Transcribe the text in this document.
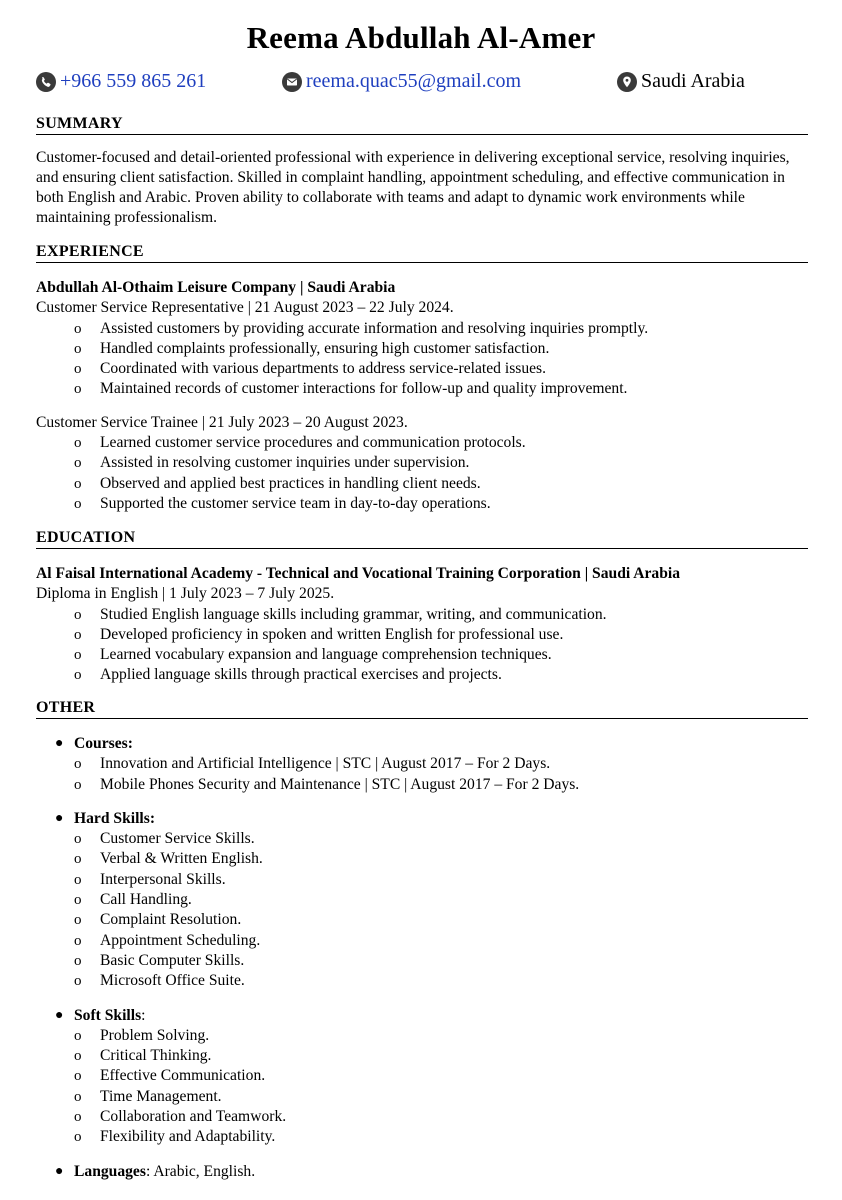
Reema Abdullah Al-Amer
+966 559 865 261	reema.quac55@gmail.com	Saudi Arabia
SUMMARY
Customer-focused and detail-oriented professional with experience in delivering exceptional service, resolving inquiries, and ensuring client satisfaction. Skilled in complaint handling, appointment scheduling, and effective communication in both English and Arabic. Proven ability to collaborate with teams and adapt to dynamic work environments while maintaining professionalism.
EXPERIENCE
Abdullah Al-Othaim Leisure Company | Saudi Arabia
Customer Service Representative | 21 August 2023 – 22 July 2024.
o Assisted customers by providing accurate information and resolving inquiries promptly.
o Handled complaints professionally, ensuring high customer satisfaction.
o Coordinated with various departments to address service-related issues.
o Maintained records of customer interactions for follow-up and quality improvement.
Customer Service Trainee | 21 July 2023 – 20 August 2023.
o Learned customer service procedures and communication protocols.
o Assisted in resolving customer inquiries under supervision.
o Observed and applied best practices in handling client needs.
o Supported the customer service team in day-to-day operations.
EDUCATION
Al Faisal International Academy - Technical and Vocational Training Corporation | Saudi Arabia
Diploma in English | 1 July 2023 – 7 July 2025.
o Studied English language skills including grammar, writing, and communication.
o Developed proficiency in spoken and written English for professional use.
o Learned vocabulary expansion and language comprehension techniques.
o Applied language skills through practical exercises and projects.
OTHER
● Courses:
o Innovation and Artificial Intelligence | STC | August 2017 – For 2 Days.
o Mobile Phones Security and Maintenance | STC | August 2017 – For 2 Days.
● Hard Skills:
o Customer Service Skills.
o Verbal & Written English.
o Interpersonal Skills.
o Call Handling.
o Complaint Resolution.
o Appointment Scheduling.
o Basic Computer Skills.
o Microsoft Office Suite.
● Soft Skills:
o Problem Solving.
o Critical Thinking.
o Effective Communication.
o Time Management.
o Collaboration and Teamwork.
o Flexibility and Adaptability.
● Languages: Arabic, English.
